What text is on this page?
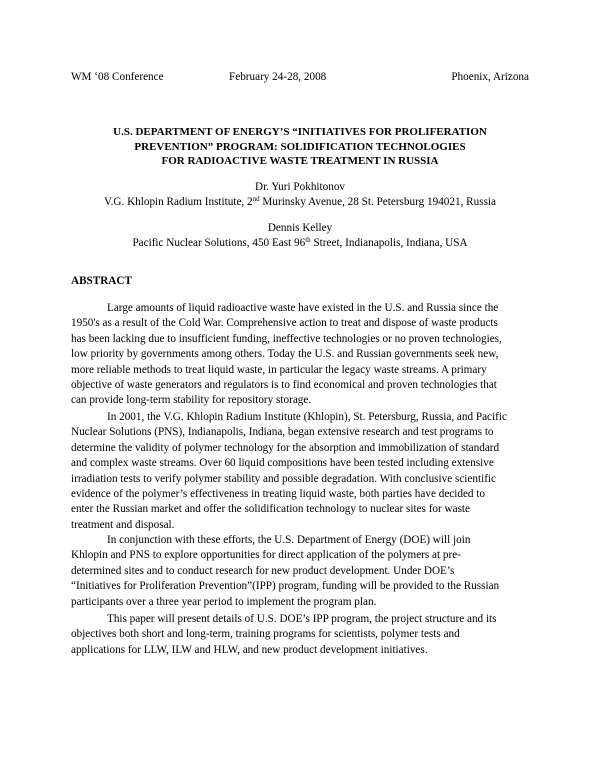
WM ‘08 Conference	February 24-28, 2008	Phoenix, Arizona
U.S. DEPARTMENT OF ENERGY’S “INITIATIVES FOR PROLIFERATION
PREVENTION” PROGRAM: SOLIDIFICATION TECHNOLOGIES
FOR RADIOACTIVE WASTE TREATMENT IN RUSSIA
Dr. Yuri Pokhitonov
V.G. Khlopin Radium Institute, 2nd Murinsky Avenue, 28 St. Petersburg 194021, Russia
Dennis Kelley
Pacific Nuclear Solutions, 450 East 96th Street, Indianapolis, Indiana, USA
ABSTRACT
Large amounts of liquid radioactive waste have existed in the U.S. and Russia since the
1950's as a result of the Cold War. Comprehensive action to treat and dispose of waste products
has been lacking due to insufficient funding, ineffective technologies or no proven technologies,
low priority by governments among others. Today the U.S. and Russian governments seek new,
more reliable methods to treat liquid waste, in particular the legacy waste streams. A primary
objective of waste generators and regulators is to find economical and proven technologies that
can provide long-term stability for repository storage.
In 2001, the V.G. Khlopin Radium Institute (Khlopin), St. Petersburg, Russia, and Pacific
Nuclear Solutions (PNS), Indianapolis, Indiana, began extensive research and test programs to
determine the validity of polymer technology for the absorption and immobilization of standard
and complex waste streams. Over 60 liquid compositions have been tested including extensive
irradiation tests to verify polymer stability and possible degradation. With conclusive scientific
evidence of the polymer’s effectiveness in treating liquid waste, both parties have decided to
enter the Russian market and offer the solidification technology to nuclear sites for waste
treatment and disposal.
In conjunction with these efforts, the U.S. Department of Energy (DOE) will join
Khlopin and PNS to explore opportunities for direct application of the polymers at pre-
determined sites and to conduct research for new product development. Under DOE’s
“Initiatives for Proliferation Prevention”(IPP) program, funding will be provided to the Russian
participants over a three year period to implement the program plan.
This paper will present details of U.S. DOE’s IPP program, the project structure and its
objectives both short and long-term, training programs for scientists, polymer tests and
applications for LLW, ILW and HLW, and new product development initiatives.
